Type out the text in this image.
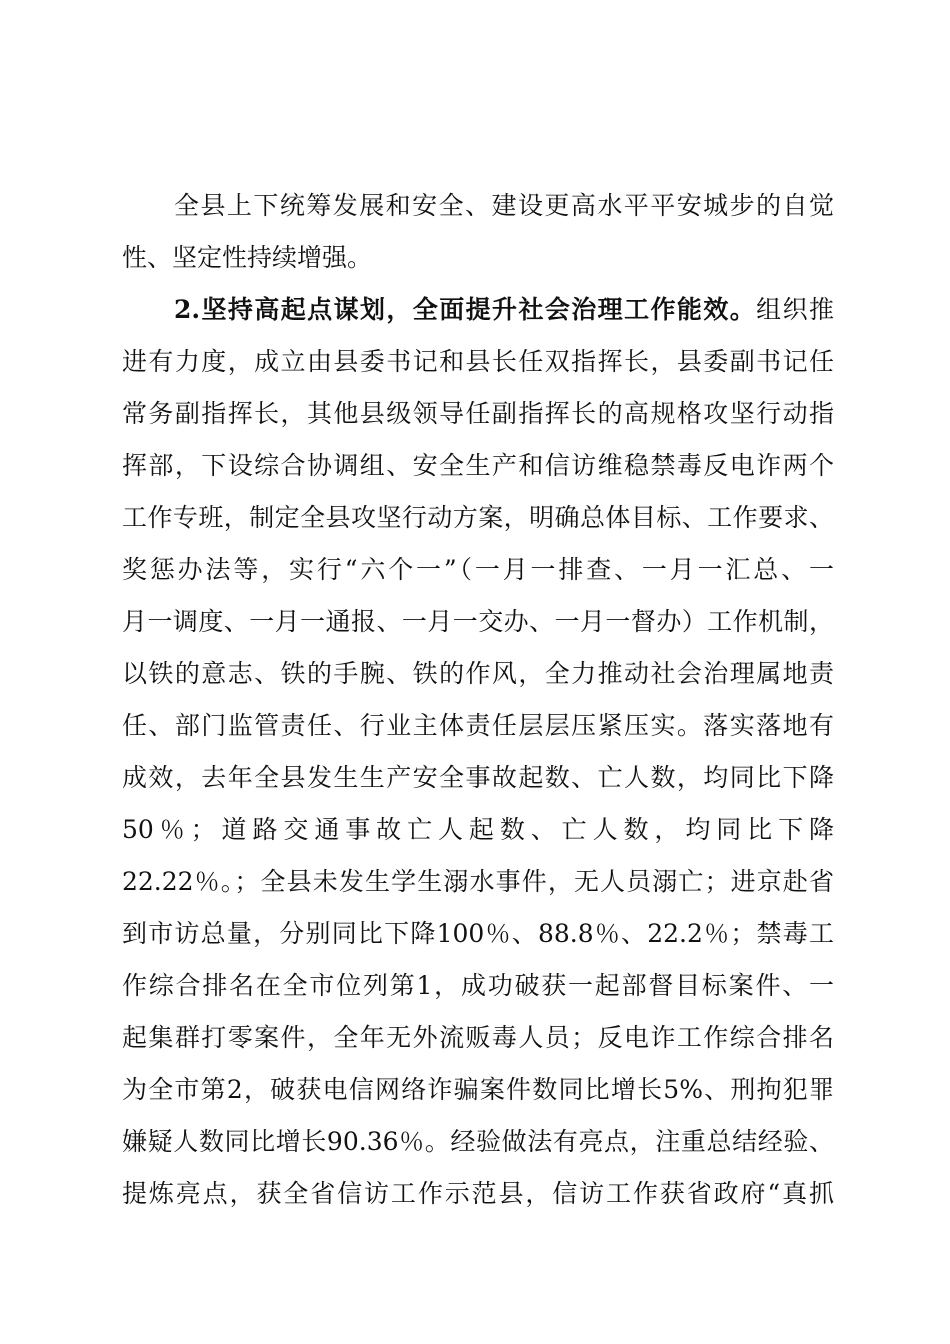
全县上下统筹发展和安全、建设更高水平平安城步的自觉
性、坚定性持续增强。
2.坚持高起点谋划，全面提升社会治理工作能效。组织推
进有力度，成立由县委书记和县长任双指挥长，县委副书记任
常务副指挥长，其他县级领导任副指挥长的高规格攻坚行动指
挥部，下设综合协调组、安全生产和信访维稳禁毒反电诈两个
工作专班，制定全县攻坚行动方案，明确总体目标、工作要求、
奖惩办法等，实行“六个一”（一月一排查、一月一汇总、一
月一调度、一月一通报、一月一交办、一月一督办）工作机制，
以铁的意志、铁的手腕、铁的作风，全力推动社会治理属地责
任、部门监管责任、行业主体责任层层压紧压实。落实落地有
成效，去年全县发生生产安全事故起数、亡人数，均同比下降
50％；道路交通事故亡人起数、亡人数，均同比下降
22.22％。；全县未发生学生溺水事件，无人员溺亡；进京赴省
到市访总量，分别同比下降100％、88.8％、22.2％；禁毒工
作综合排名在全市位列第1，成功破获一起部督目标案件、一
起集群打零案件，全年无外流贩毒人员；反电诈工作综合排名
为全市第2，破获电信网络诈骗案件数同比增长5%、刑拘犯罪
嫌疑人数同比增长90.36％。经验做法有亮点，注重总结经验、
提炼亮点，获全省信访工作示范县，信访工作获省政府“真抓
